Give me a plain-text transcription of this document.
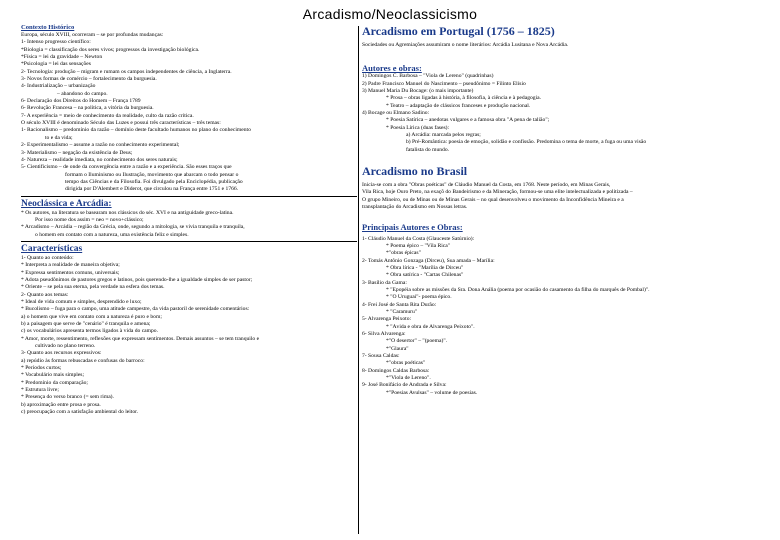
Arcadismo/Neoclassicismo
Contexto Histórico
Europa, século XVIII, ocorreram – se por profundas mudanças:
1- Intenso progresso científico:
*Biologia = classificação dos seres vivos; progressos da investigação biológica.
*Física = lei da gravidade – Newton
*Psicologia = lei das sensações
2- Tecnologia: produção – migram e rumam os campos independentes de ciência, a Inglaterra.
3- Novos formas de comércio – fortalecimento da burguesia.
4- Industrialização – urbanização
– abandono do campo.
6- Declaração dos Direitos do Homem – França 1789
6- Revolução Francesa – na política, a vitória da burguesia.
7- A experiência = meio de conhecimento da realidade, culto da razão crítica.
O século XVIII é denominado Século das Luzes e possui três características – três temas:
1- Racionalismo – predomínio da razão – domínio deste facultado humanos no plano do conhecimento
to e da vida;
2- Experimentalismo – assume a razão no conhecimento experimental;
3- Materialismo – negação da existência de Deus;
4- Natureza – realidade imediata, no conhecimento dos seres naturais;
5- Cientificismo – de onde da convergência entre a razão e a experiência. São esses traços que
formam o Iluminismo ou Ilustração, movimento que abarcam o todo pensar o
tempo das Ciências e da Filosofia. Foi divulgado pela Enciclopédia, publicação
dirigida por D'Alembert e Diderot, que circulou na França entre 1751 e 1766.
Neoclássica e Arcádia:
* Os autores, na literatura se basearam nos clássicos do séc. XVI e na antiguidade greco-latina.
Por isso nome dos assim = neo = novo+clássico;
* Arcadismo – Arcádia – região da Grécia, onde, segundo a mitologia, se vivia tranquila e tranquila,
o homem em contato com a natureza, uma existência feliz e simples.
Características
1- Quanto ao conteúdo:
* Interpreta a realidade de maneira objetiva;
* Expressa sentimentos comuns, universais;
* Adota pseudônimos de pastores gregos e latinos, pois querendo-lhe a igualdade simples de ser pastor;
* Oriente – se pela sua eterna, pela verdade na esfera dos temas.
2- Quanto aos temas:
* Ideal de vida comum e simples, desprendido e luxo;
* Bucolismo – fuga para o campo, uma atitude campestre, da vida pastoril de serenidade comentários:
a) o homem que vive em contato com a natureza é puro e bom;
b) a paisagem que serve de "cenário" é tranquila e amena;
c) os vocabulários apresenta termos ligados à vida do campo.
* Amor, morte, ressentimento, reflexões que expressam sentimentos. Demais assuntos – se tem tranquilo e
cultivado no plano terreno.
3- Quanto aos recursos expressivos:
a) repúdio às formas rebuscadas e confusas do barroco:
* Períodos curtos;
* Vocabulário mais simples;
* Predomínio da comparação;
* Estrutura livre;
* Presença do verso branco (= sem rima).
b) aproximação entre prosa e prosa.
c) preocupação com a satisfação ambiental do leitor.
Arcadismo em Portugal (1756 – 1825)
Sociedades ou Agremiações assumiram o nome literários: Arcádia Lusitana e Nova Arcádia.
Autores e obras:
1) Domingos C. Barbosa – "Viola de Lereno" (quadrinhas)
2) Padre Francisco Manuel do Nascimento – pseudônimo = Filinto Elísio
3) Manuel Maria Du Bocage: (o mais importante)
* Prosa – obras ligadas à história, à filosofia, à ciência e à pedagogia.
* Teatro – adaptação de clássicos franceses e produção nacional.
4) Bocage ou Elmano Sadino:
* Poesia Satírica – anedotas vulgares e a famosa obra "A pena de talião";
* Poesia Lírica (duas fases):
a) Arcádia: marcada pelos regras;
b) Pré-Romântica: poesia de emoção, solidão e confissão. Predomina o tema de morte, a fuga ou uma visão
fatalista do mundo.
Arcadismo no Brasil
Inicia-se com a obra "Obras poéticas" de Cláudio Manuel da Costa, em 1768. Neste período, em Minas Gerais,
Vila Rica, hoje Ouro Preto, na exaçõ do Bandeirismo e da Mineração, formou-se uma elite intelectualizada e politizada –
O grupo Mineiro, ou de Minas ou de Minas Gerais – no qual desenvolveu o movimento da Inconfidência Mineira e a
transplantação do Arcadismo em Nossas letras.
Principais Autores e Obras:
1- Cláudio Manuel da Costa (Glauceste Satúrnio):
* Poema épico – "Vila Rica"
*"obras épicas"
2- Tomás Antônio Gonzaga (Dirceu), Sua amada – Marília:
* Obra lírica - "Marília de Dirceu"
* Obra satírica - "Cartas Chilenas"
3- Basílio da Gama:
* "Epopéia sobre as missões da Sra. Dona Anália (poema por ocasião do casamento da filha do marquês de Pombal)".
* "O Uruguai"- poema épico.
4- Frei José de Santa Rita Durão:
* "Caramuru"
5- Alvarenga Peixoto:
* "Àvida e obra de Alvarenga Peixoto".
6- Silva Alvarenga:
*"O desertor" – "(poema)".
*"Glaura"
7- Sousa Caldas:
*"obras poéticas"
8- Domingos Caldas Barbosa:
*"Viola de Lereno".
9- José Bonifácio de Andrada e Silva:
*"Poesias Avulsas" – volume de poesias.
